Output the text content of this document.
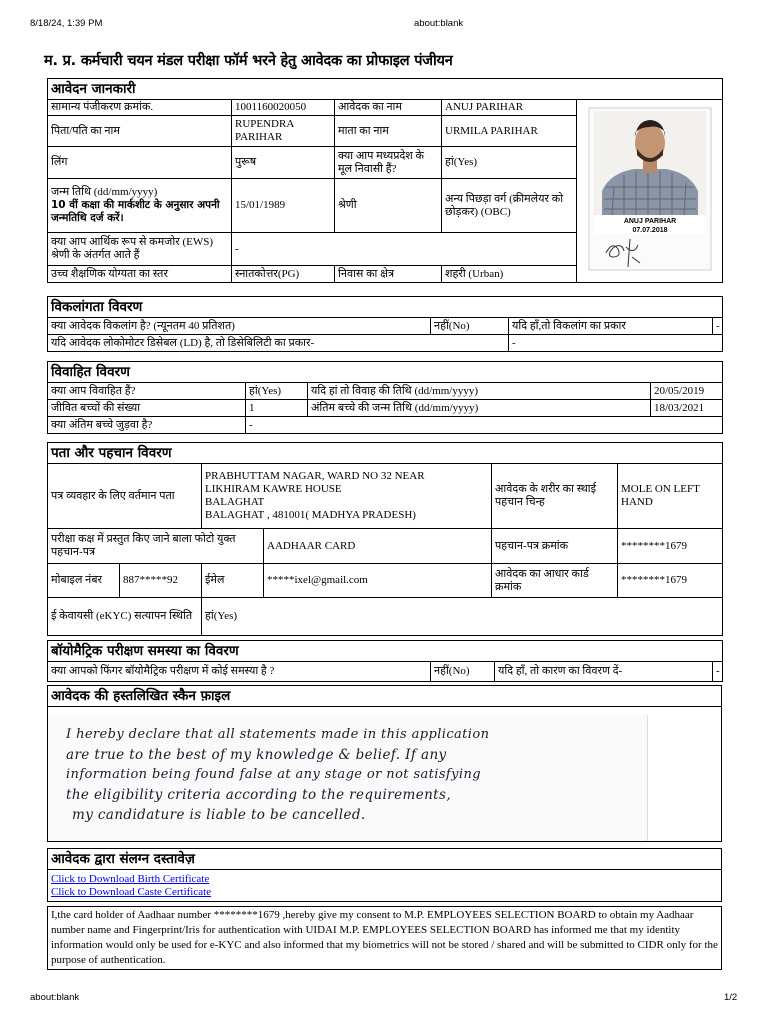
8/18/24, 1:39 PM	about:blank
about:blank	1/2
म. प्र. कर्मचारी चयन मंडल परीक्षा फॉर्म भरने हेतु आवेदक का प्रोफाइल पंजीयन
आवेदन जानकारी				
सामान्य पंजीकरण क्रमांक.	1001160020050	आवेदक का नाम	ANUJ PARIHAR	ANUJ PARIHAR
07.07.2018

पिता/पति का नाम	RUPENDRA PARIHAR	माता का नाम	URMILA PARIHAR	
लिंग	पुरूष	क्या आप मध्यप्रदेश के मूल निवासी हैं?	हां(Yes)	

जन्म तिथि (dd/mm/yyyy)
10 वीं कक्षा की मार्कशीट के अनुसार अपनी जन्मतिथि दर्ज करें।	15/01/1989	श्रेणी	अन्य पिछड़ा वर्ग (क्रीमलेयर को छोड़कर) (OBC)	
क्या आप आर्थिक रूप से कमजोर (EWS) श्रेणी के अंतर्गत आते हैं	-			
उच्च शैक्षणिक योग्यता का स्तर	स्नातकोत्तर(PG)	निवास का क्षेत्र	शहरी (Urban)	
विकलांगता विवरण			
क्या आवेदक विकलांग है? (न्यूनतम 40 प्रतिशत)	नहीं(No)	यदि हाँ,तो विकलांग का प्रकार	-
यदि आवेदक लोकोमोटर डिसेबल (LD) है, तो डिसेबिलिटी का प्रकार-		-	
विवाहित विवरण			
क्या आप विवाहित हैं?	हां(Yes)	यदि हां तो विवाह की तिथि (dd/mm/yyyy)	20/05/2019
जीवित बच्चों की संख्या	1	अंतिम बच्चे की जन्म तिथि (dd/mm/yyyy)	18/03/2021
क्या अंतिम बच्चे जुड़वा है?	-		
पता और पहचान विवरण					
पत्र व्यवहार के लिए वर्तमान पता		PRABHUTTAM NAGAR, WARD NO 32 NEAR
LIKHIRAM KAWRE HOUSE
BALAGHAT
BALAGHAT , 481001( MADHYA PRADESH)		आवेदक के शरीर का स्थाई पहचान चिन्ह	MOLE ON LEFT HAND
परीक्षा कक्ष में प्रस्तुत किए जाने बाला फोटो युक्त पहचान-पत्र			AADHAAR CARD	पहचान-पत्र क्रमांक	********1679
मोबाइल नंबर	887*****92	ईमेल	*****ixel@gmail.com	आवेदक का आधार कार्ड क्रमांक	********1679
ई केवायसी (eKYC) सत्यापन स्थिति		हां(Yes)			
बॉयोमैट्रिक परीक्षण समस्या का विवरण
क्या आपको फिंगर बॉयोमैट्रिक परीक्षण में कोई समस्या है ?	नहीं(No)	यदि हाँ, तो कारण का विवरण दें-	-
आवेदक की हस्तलिखित स्कैन फ़ाइल

I hereby declare that all statements made in this application
are true to the best of my knowledge & belief. If any
information being found false at any stage or not satisfying
the eligibility criteria according to the requirements,
my candidature is liable to be cancelled.
आवेदक द्वारा संलग्न दस्तावेज़

Click to Download Birth Certificate
Click to Download Caste Certificate
I,the card holder of Aadhaar number ********1679 ,hereby give my consent to M.P. EMPLOYEES SELECTION BOARD to obtain my Aadhaar number name and Fingerprint/Iris for authentication with UIDAI M.P. EMPLOYEES SELECTION BOARD has informed me that my identity information would only be used for e-KYC and also informed that my biometrics will not be stored / shared and will be submitted to CIDR only for the purpose of authentication.
